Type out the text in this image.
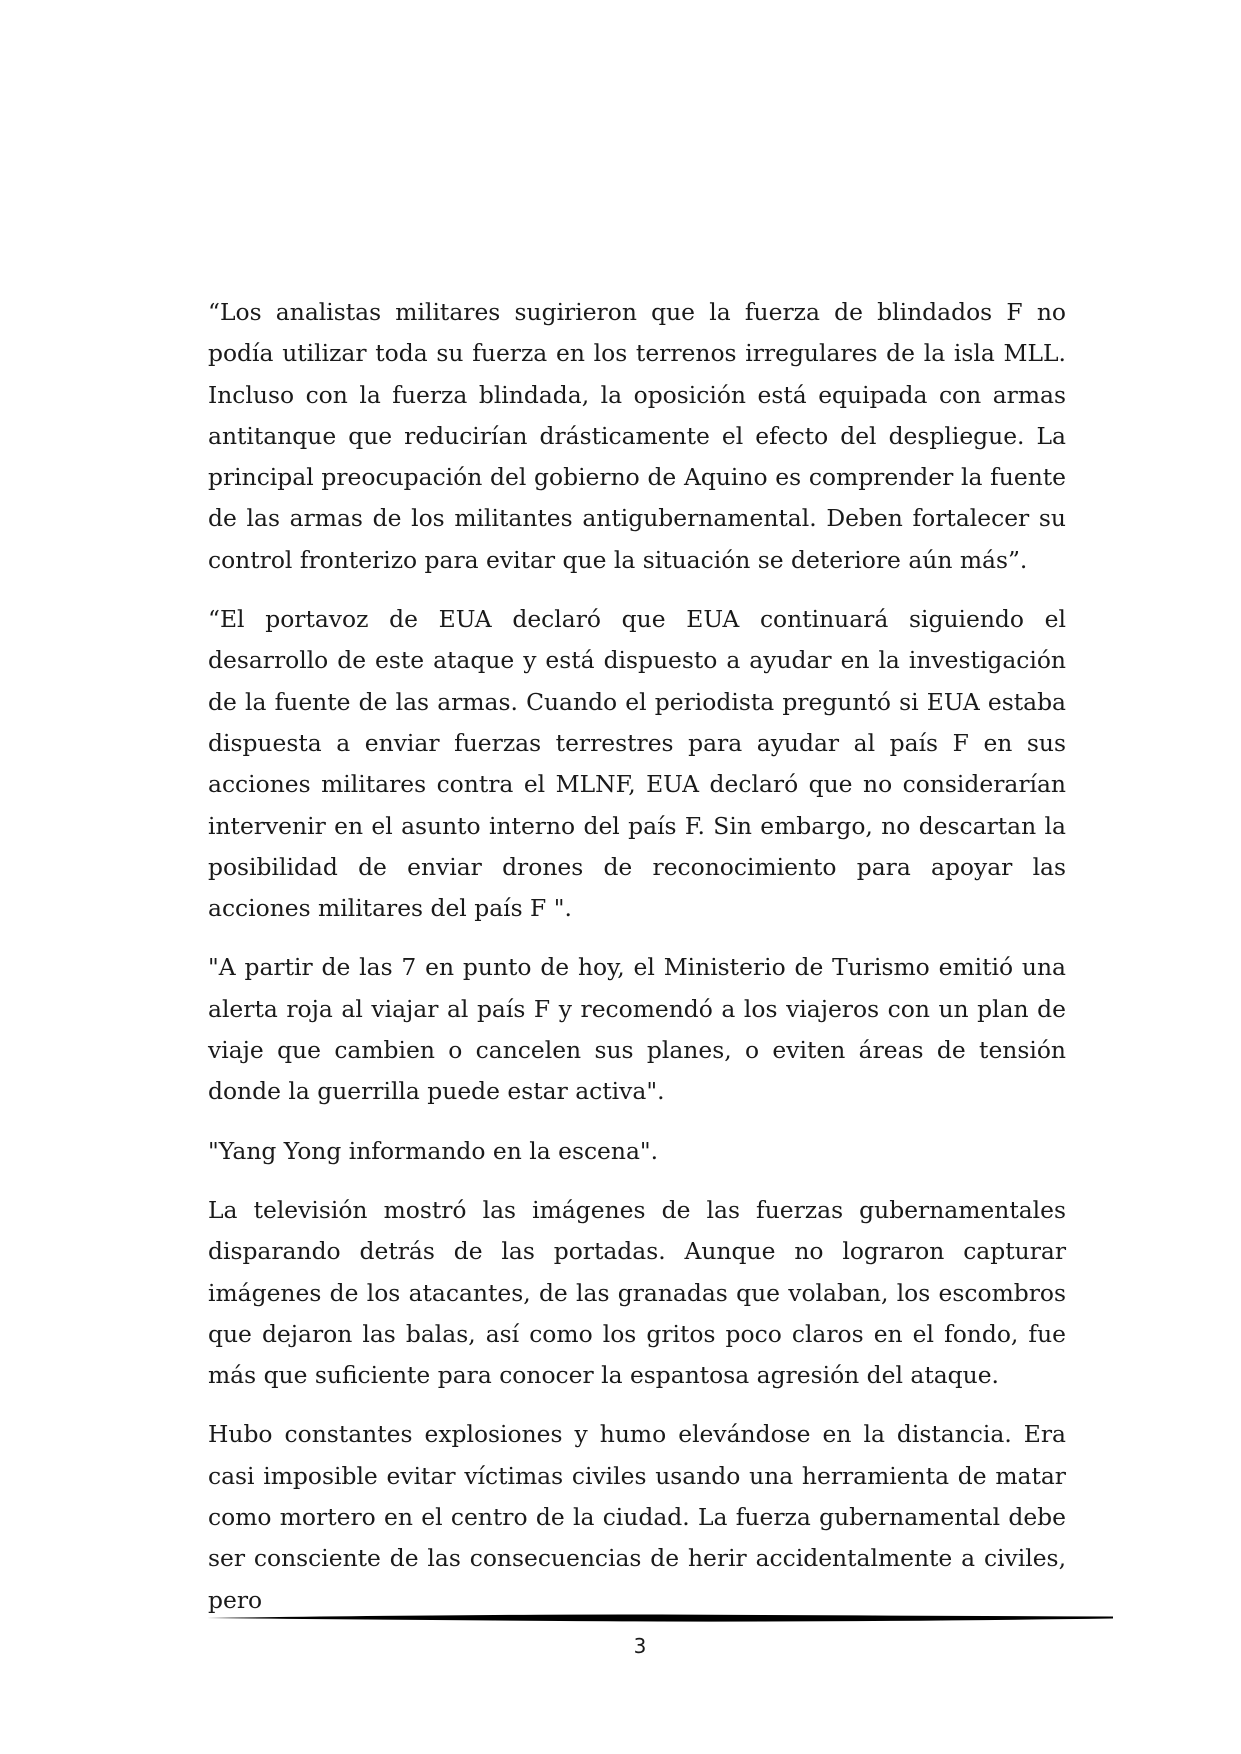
“Los analistas militares sugirieron que la fuerza de blindados F no podía utilizar toda su fuerza en los terrenos irregulares de la isla MLL. Incluso con la fuerza blindada, la oposición está equipada con armas antitanque que reducirían drásticamente el efecto del despliegue. La principal preocupación del gobierno de Aquino es comprender la fuente de las armas de los militantes antigubernamental. Deben fortalecer su control fronterizo para evitar que la situación se deteriore aún más”.

“El portavoz de EUA declaró que EUA continuará siguiendo el desarrollo de este ataque y está dispuesto a ayudar en la investigación de la fuente de las armas. Cuando el periodista preguntó si EUA estaba dispuesta a enviar fuerzas terrestres para ayudar al país F en sus acciones militares contra el MLNF, EUA declaró que no considerarían intervenir en el asunto interno del país F. Sin embargo, no descartan la posibilidad de enviar drones de reconocimiento para apoyar las acciones militares del país F ".

"A partir de las 7 en punto de hoy, el Ministerio de Turismo emitió una alerta roja al viajar al país F y recomendó a los viajeros con un plan de viaje que cambien o cancelen sus planes, o eviten áreas de tensión donde la guerrilla puede estar activa".

"Yang Yong informando en la escena".

La televisión mostró las imágenes de las fuerzas gubernamentales disparando detrás de las portadas. Aunque no lograron capturar imágenes de los atacantes, de las granadas que volaban, los escombros que dejaron las balas, así como los gritos poco claros en el fondo, fue más que suficiente para conocer la espantosa agresión del ataque.

Hubo constantes explosiones y humo elevándose en la distancia. Era casi imposible evitar víctimas civiles usando una herramienta de matar como mortero en el centro de la ciudad. La fuerza gubernamental debe ser consciente de las consecuencias de herir accidentalmente a civiles, pero

3
